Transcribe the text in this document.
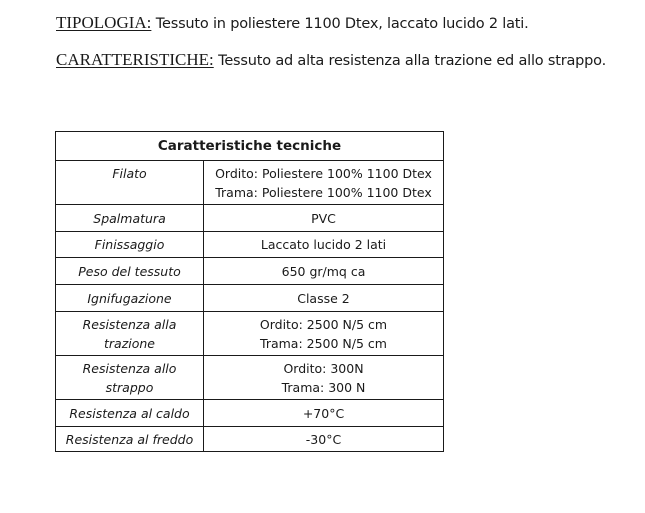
TIPOLOGIA: Tessuto in poliestere 1100 Dtex, laccato lucido 2 lati.
CARATTERISTICHE: Tessuto ad alta resistenza alla trazione ed allo strappo.
Caratteristiche tecniche	
Filato	Ordito: Poliestere 100% 1100 Dtex
Trama: Poliestere 100% 1100 Dtex

Spalmatura	PVC
Finissaggio	Laccato lucido 2 lati
Peso del tessuto	650 gr/mq ca
Ignifugazione	Classe 2
Resistenza alla trazione	Ordito: 2500 N/5 cm
Trama: 2500 N/5 cm

Resistenza allo strappo	Ordito: 300N
Trama: 300 N

Resistenza al caldo	+70°C
Resistenza al freddo	-30°C
